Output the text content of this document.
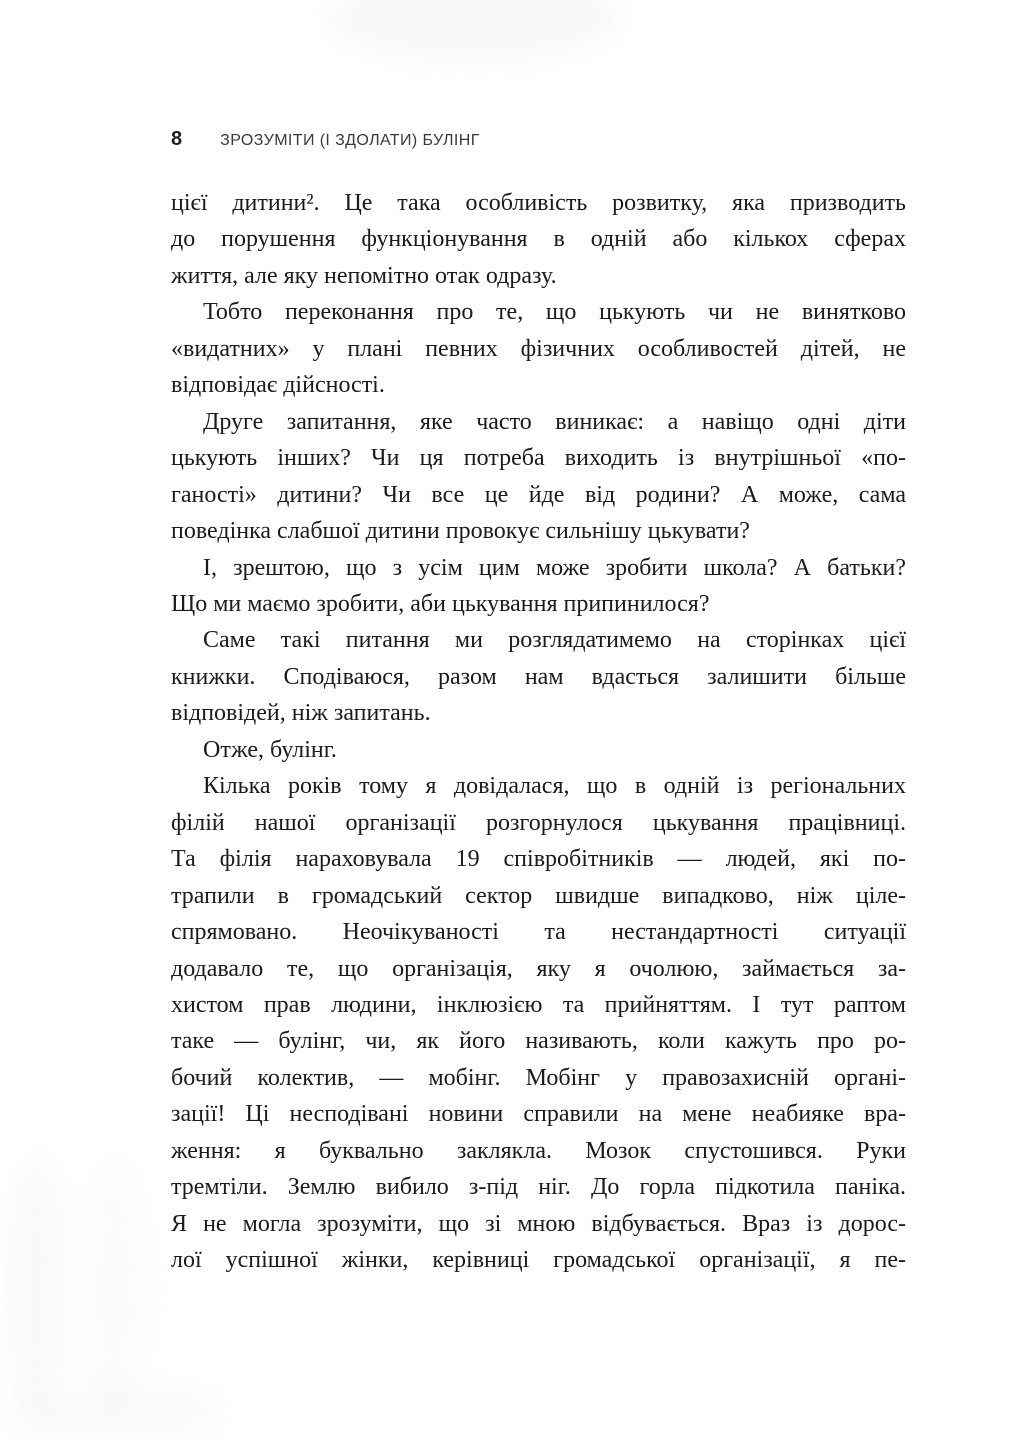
8 ЗРОЗУМІТИ (І ЗДОЛАТИ) БУЛІНГ
цієї дитини². Це така особливість розвитку, яка призводить
до порушення функціонування в одній або кількох сферах
життя, але яку непомітно отак одразу.
Тобто переконання про те, що цькують чи не винятково
«видатних» у плані певних фізичних особливостей дітей, не
відповідає дійсності.
Друге запитання, яке часто виникає: а навіщо одні діти
цькують інших? Чи ця потреба виходить із внутрішньої «по-
ганості» дитини? Чи все це йде від родини? А може, сама
поведінка слабшої дитини провокує сильнішу цькувати?
І, зрештою, що з усім цим може зробити школа? А батьки?
Що ми маємо зробити, аби цькування припинилося?
Саме такі питання ми розглядатимемо на сторінках цієї
книжки. Сподіваюся, разом нам вдасться залишити більше
відповідей, ніж запитань.
Отже, булінг.
Кілька років тому я довідалася, що в одній із регіональних
філій нашої організації розгорнулося цькування працівниці.
Та філія нараховувала 19 співробітників — людей, які по-
трапили в громадський сектор швидше випадково, ніж ціле-
спрямовано. Неочікуваності та нестандартності ситуації
додавало те, що організація, яку я очолюю, займається за-
хистом прав людини, інклюзією та прийняттям. І тут раптом
таке — булінг, чи, як його називають, коли кажуть про ро-
бочий колектив, — мобінг. Мобінг у правозахисній органі-
зації! Ці несподівані новини справили на мене неабияке вра-
ження: я буквально заклякла. Мозок спустошився. Руки
тремтіли. Землю вибило з-під ніг. До горла підкотила паніка.
Я не могла зрозуміти, що зі мною відбувається. Враз із дорос-
лої успішної жінки, керівниці громадської організації, я пе-
